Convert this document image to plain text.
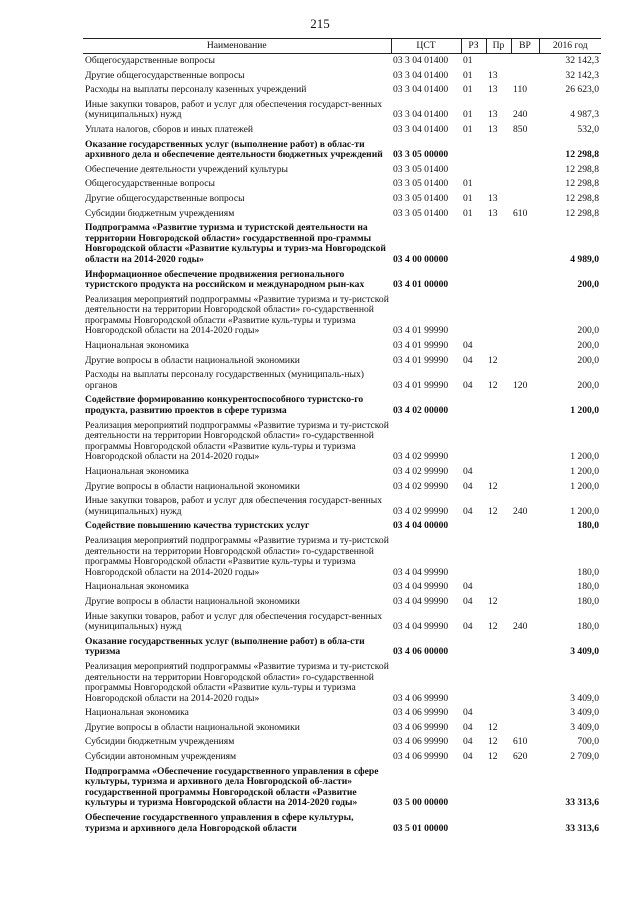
215
Наименование	ЦСТ	РЗ	Пр	ВР	2016 год
Общегосударственные вопросы	03 3 04 01400	01			32 142,3
Другие общегосударственные вопросы	03 3 04 01400	01	13		32 142,3
Расходы на выплаты персоналу казенных учреждений	03 3 04 01400	01	13	110	26 623,0
Иные закупки товаров, работ и услуг для обеспечения государст-венных (муниципальных) нужд	03 3 04 01400	01	13	240	4 987,3
Уплата налогов, сборов и иных платежей	03 3 04 01400	01	13	850	532,0
Оказание государственных услуг (выполнение работ) в облас-ти архивного дела и обеспечение деятельности бюджетных учреждений	03 3 05 00000				12 298,8
Обеспечение деятельности учреждений культуры	03 3 05 01400				12 298,8
Общегосударственные вопросы	03 3 05 01400	01			12 298,8
Другие общегосударственные вопросы	03 3 05 01400	01	13		12 298,8
Субсидии бюджетным учреждениям	03 3 05 01400	01	13	610	12 298,8
Подпрограмма «Развитие туризма и туристской деятельности на территории Новгородской области» государственной про-граммы Новгородской области «Развитие культуры и туриз-ма Новгородской области на 2014-2020 годы»	03 4 00 00000				4 989,0
Информационное обеспечение продвижения регионального туристского продукта на российском и международном рын-ках	03 4 01 00000				200,0
Реализация мероприятий подпрограммы «Развитие туризма и ту-ристской деятельности на территории Новгородской области» го-сударственной программы Новгородской области «Развитие куль-туры и туризма Новгородской области на 2014-2020 годы»	03 4 01 99990				200,0
Национальная экономика	03 4 01 99990	04			200,0
Другие вопросы в области национальной экономики	03 4 01 99990	04	12		200,0
Расходы на выплаты персоналу государственных (муниципаль-ных) органов	03 4 01 99990	04	12	120	200,0
Содействие формированию конкурентоспособного туристско-го продукта, развитию проектов в сфере туризма	03 4 02 00000				1 200,0
Реализация мероприятий подпрограммы «Развитие туризма и ту-ристской деятельности на территории Новгородской области» го-сударственной программы Новгородской области «Развитие куль-туры и туризма Новгородской области на 2014-2020 годы»	03 4 02 99990				1 200,0
Национальная экономика	03 4 02 99990	04			1 200,0
Другие вопросы в области национальной экономики	03 4 02 99990	04	12		1 200,0
Иные закупки товаров, работ и услуг для обеспечения государст-венных (муниципальных) нужд	03 4 02 99990	04	12	240	1 200,0
Содействие повышению качества туристских услуг	03 4 04 00000				180,0
Реализация мероприятий подпрограммы «Развитие туризма и ту-ристской деятельности на территории Новгородской области» го-сударственной программы Новгородской области «Развитие куль-туры и туризма Новгородской области на 2014-2020 годы»	03 4 04 99990				180,0
Национальная экономика	03 4 04 99990	04			180,0
Другие вопросы в области национальной экономики	03 4 04 99990	04	12		180,0
Иные закупки товаров, работ и услуг для обеспечения государст-венных (муниципальных) нужд	03 4 04 99990	04	12	240	180,0
Оказание государственных услуг (выполнение работ) в обла-сти туризма	03 4 06 00000				3 409,0
Реализация мероприятий подпрограммы «Развитие туризма и ту-ристской деятельности на территории Новгородской области» го-сударственной программы Новгородской области «Развитие куль-туры и туризма Новгородской области на 2014-2020 годы»	03 4 06 99990				3 409,0
Национальная экономика	03 4 06 99990	04			3 409,0
Другие вопросы в области национальной экономики	03 4 06 99990	04	12		3 409,0
Субсидии бюджетным учреждениям	03 4 06 99990	04	12	610	700,0
Субсидии автономным учреждениям	03 4 06 99990	04	12	620	2 709,0
Подпрограмма «Обеспечение государственного управления в сфере культуры, туризма и архивного дела Новгородской об-ласти» государственной программы Новгородской области «Развитие культуры и туризма Новгородской области на 2014-2020 годы»	03 5 00 00000				33 313,6
Обеспечение государственного управления в сфере культуры, туризма и архивного дела Новгородской области	03 5 01 00000				33 313,6
